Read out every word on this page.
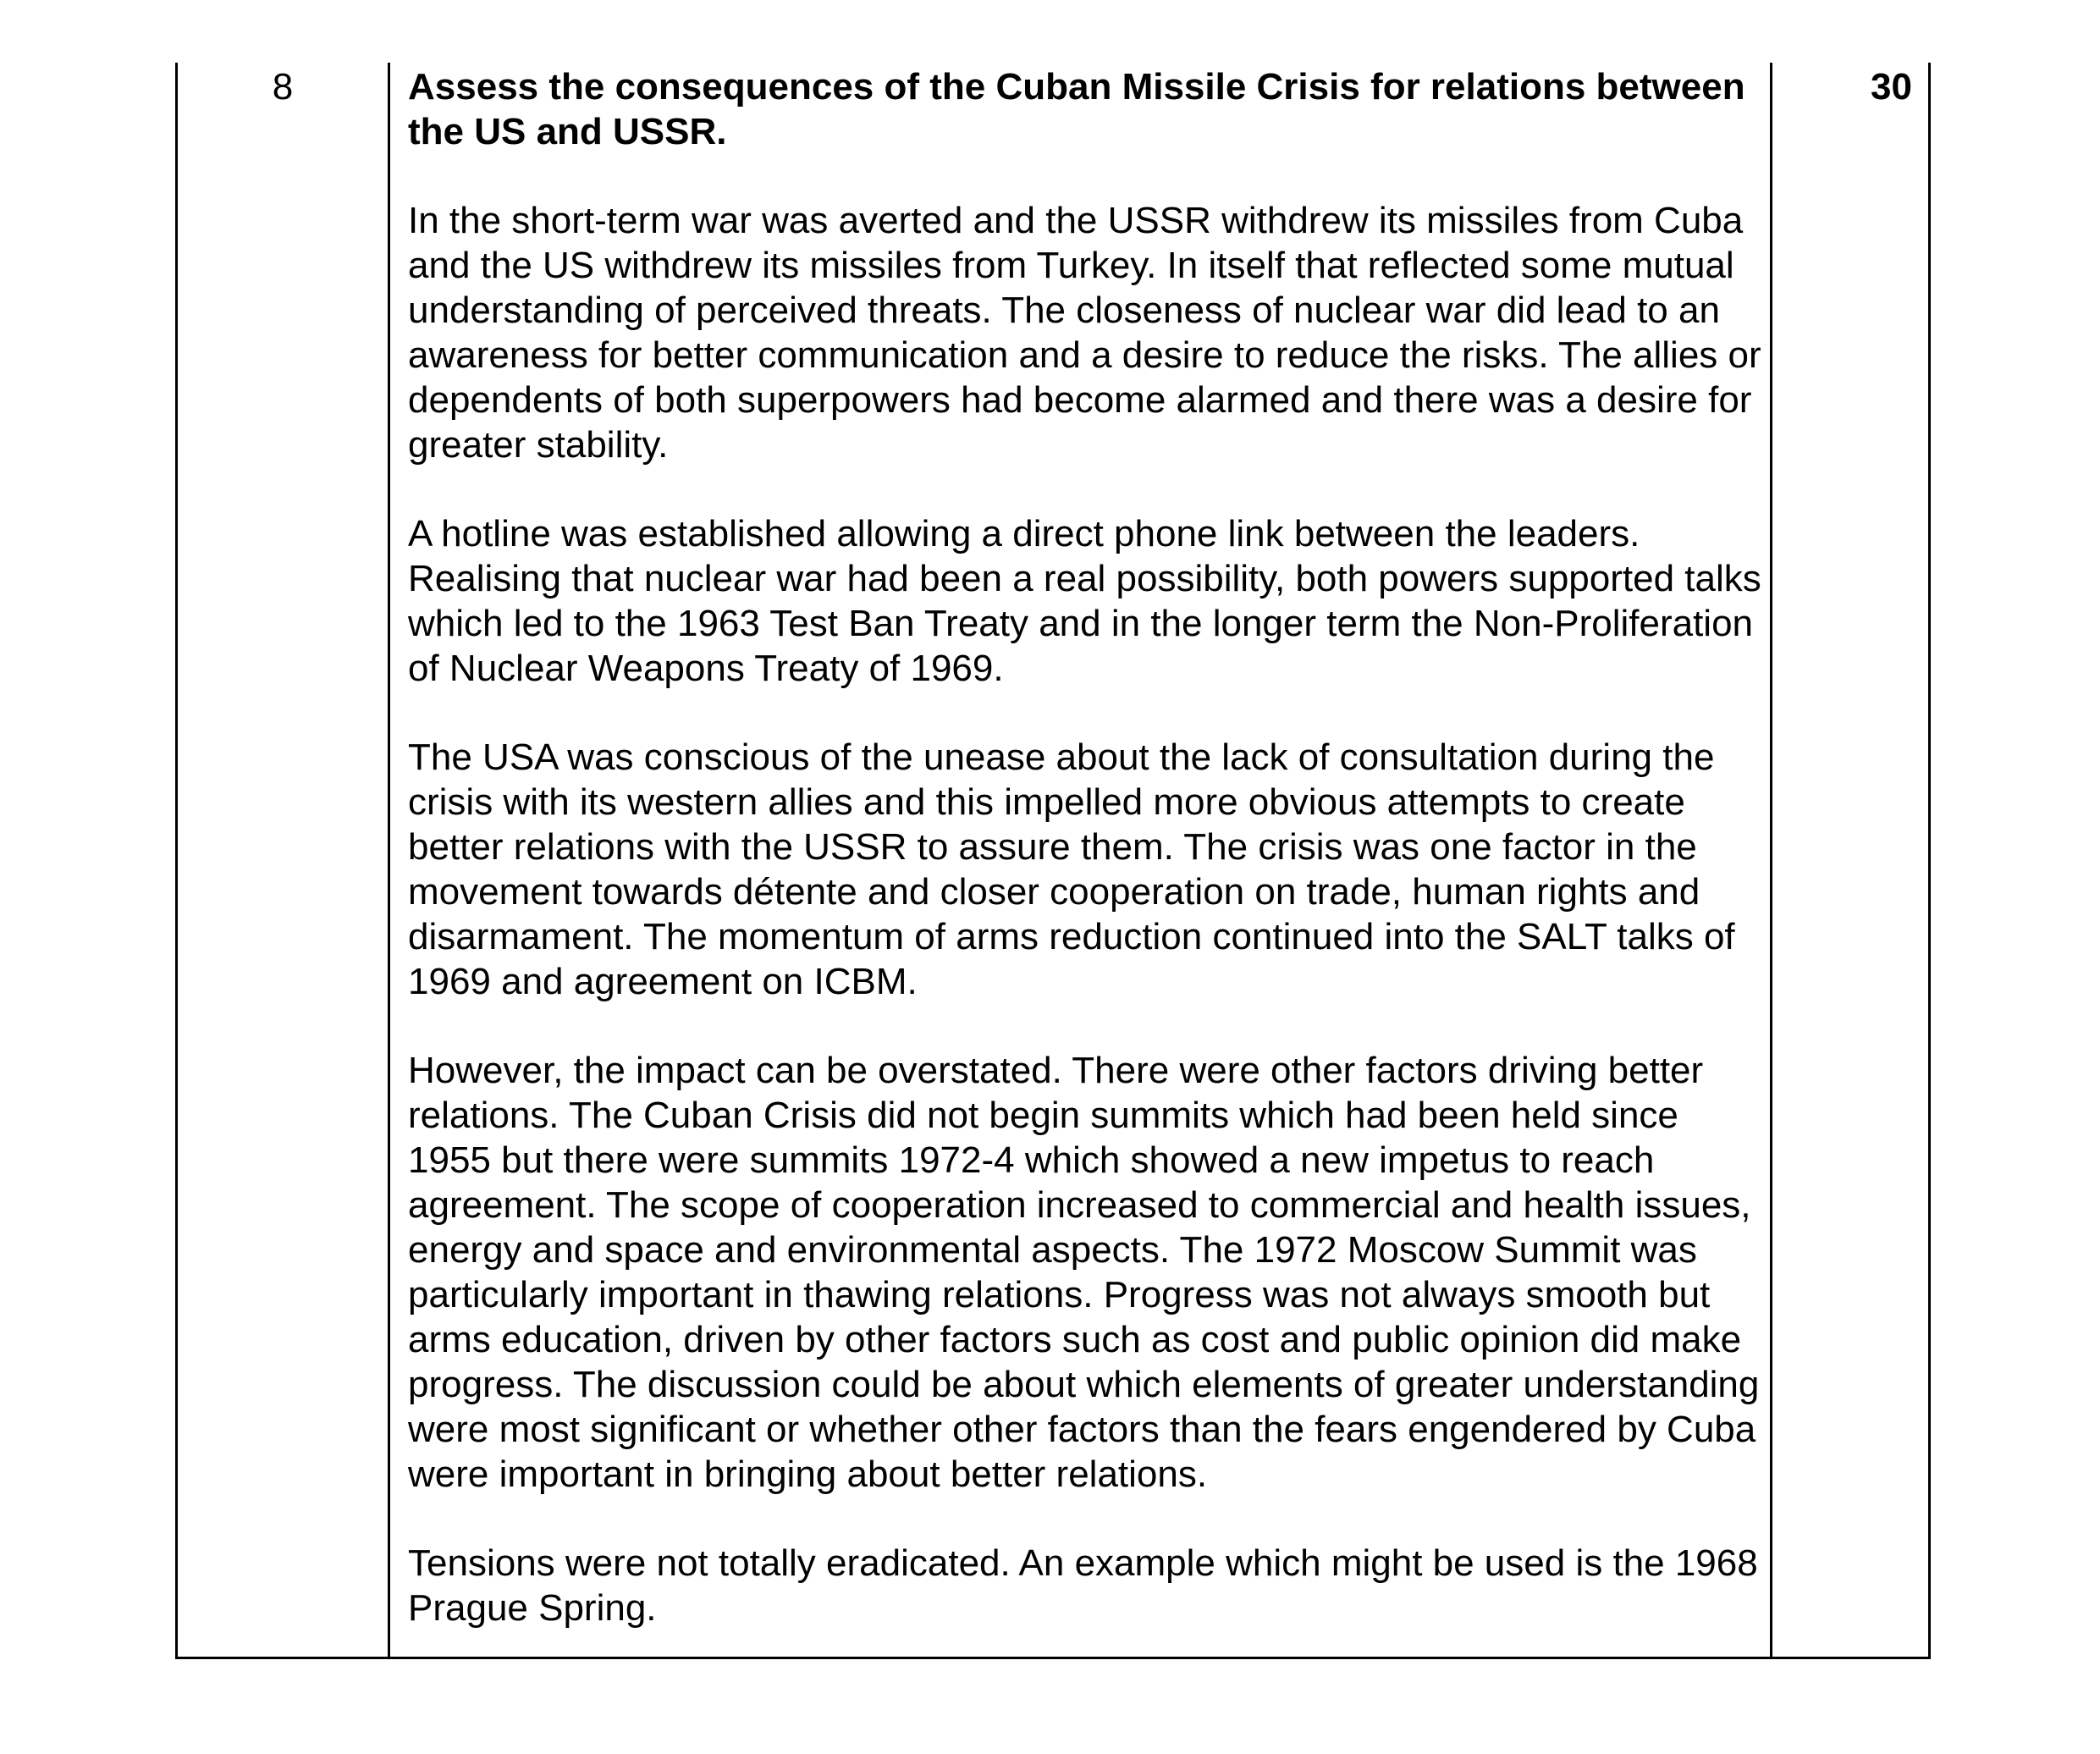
8	Assess the consequences of the Cuban Missile Crisis for relations between the US and USSR.

In the short-term war was averted and the USSR withdrew its missiles from Cuba and the US withdrew its missiles from Turkey. In itself that reflected some mutual understanding of perceived threats. The closeness of nuclear war did lead to an awareness for better communication and a desire to reduce the risks. The allies or dependents of both superpowers had become alarmed and there was a desire for greater stability.

A hotline was established allowing a direct phone link between the leaders. Realising that nuclear war had been a real possibility, both powers supported talks which led to the 1963 Test Ban Treaty and in the longer term the Non-Proliferation of Nuclear Weapons Treaty of 1969.

The USA was conscious of the unease about the lack of consultation during the crisis with its western allies and this impelled more obvious attempts to create better relations with the USSR to assure them. The crisis was one factor in the movement towards détente and closer cooperation on trade, human rights and disarmament. The momentum of arms reduction continued into the SALT talks of 1969 and agreement on ICBM.

However, the impact can be overstated. There were other factors driving better relations. The Cuban Crisis did not begin summits which had been held since 1955 but there were summits 1972-4 which showed a new impetus to reach agreement. The scope of cooperation increased to commercial and health issues, energy and space and environmental aspects. The 1972 Moscow Summit was particularly important in thawing relations. Progress was not always smooth but arms education, driven by other factors such as cost and public opinion did make progress. The discussion could be about which elements of greater understanding were most significant or whether other factors than the fears engendered by Cuba were important in bringing about better relations.

Tensions were not totally eradicated. An example which might be used is the 1968 Prague Spring.

30
